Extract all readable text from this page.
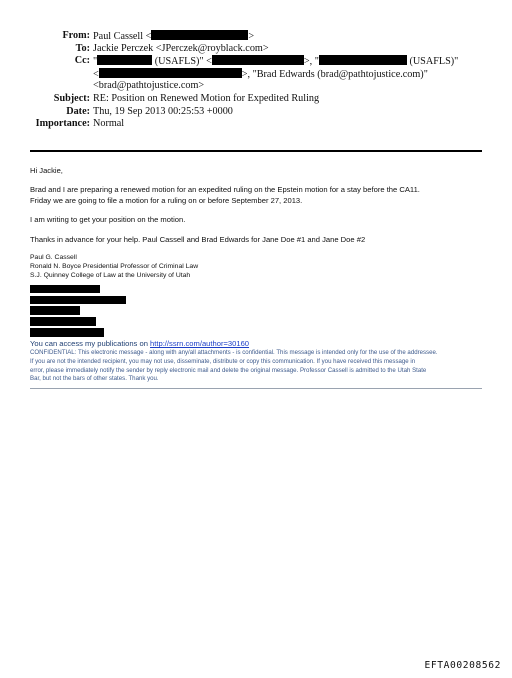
From: Paul Cassell <	>
To: Jackie Perczek <JPerczek@royblack.com>
Cc: "	(USAFLS)" <	>, "	(USAFLS)"
<	>, "Brad Edwards (brad@pathtojustice.com)"
<brad@pathtojustice.com>
Subject: RE: Position on Renewed Motion for Expedited Ruling
Date: Thu, 19 Sep 2013 00:25:53 +0000
Importance: Normal

Hi Jackie,

Brad and I are preparing a renewed motion for an expedited ruling on the Epstein motion for a stay before the CA11.

Friday we are going to file a motion for a ruling on or before September 27, 2013.

I am writing to get your position on the motion.

Thanks in advance for your help. Paul Cassell and Brad Edwards for Jane Doe #1 and Jane Doe #2

Paul G. Cassell

Ronald N. Boyce Presidential Professor of Criminal Law

S.J. Quinney College of Law at the University of Utah

You can access my publications on http://ssrn.com/author=30160

CONFIDENTIAL: This electronic message - along with any/all attachments - is confidential. This message is intended only for the use of the addressee.

If you are not the intended recipient, you may not use, disseminate, distribute or copy this communication. If you have received this message in

error, please immediately notify the sender by reply electronic mail and delete the original message. Professor Cassell is admitted to the Utah State

Bar, but not the bars of other states. Thank you.

EFTA00208562
